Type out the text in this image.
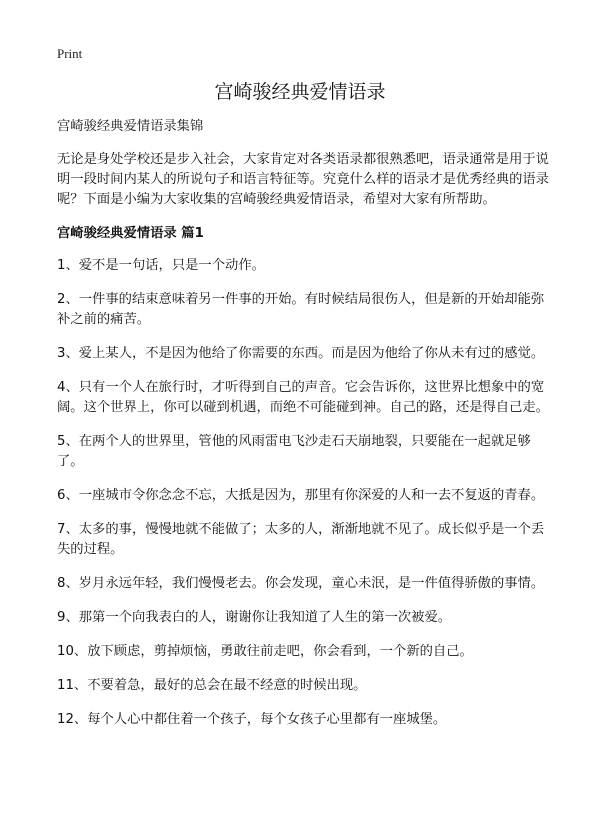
Print
宫崎骏经典爱情语录

宫崎骏经典爱情语录集锦

无论是身处学校还是步入社会，大家肯定对各类语录都很熟悉吧，语录通常是用于说明一段时间内某人的所说句子和语言特征等。究竟什么样的语录才是优秀经典的语录呢？下面是小编为大家收集的宫崎骏经典爱情语录，希望对大家有所帮助。

宫崎骏经典爱情语录 篇1

1、爱不是一句话，只是一个动作。

2、一件事的结束意味着另一件事的开始。有时候结局很伤人，但是新的开始却能弥补之前的痛苦。

3、爱上某人，不是因为他给了你需要的东西。而是因为他给了你从未有过的感觉。

4、只有一个人在旅行时，才听得到自己的声音。它会告诉你，这世界比想象中的宽阔。这个世界上，你可以碰到机遇，而绝不可能碰到神。自己的路，还是得自己走。

5、在两个人的世界里，管他的风雨雷电飞沙走石天崩地裂，只要能在一起就足够了。

6、一座城市令你念念不忘，大抵是因为，那里有你深爱的人和一去不复返的青春。

7、太多的事，慢慢地就不能做了；太多的人，渐渐地就不见了。成长似乎是一个丢失的过程。

8、岁月永远年轻，我们慢慢老去。你会发现，童心未泯，是一件值得骄傲的事情。

9、那第一个向我表白的人，谢谢你让我知道了人生的第一次被爱。

10、放下顾虑，剪掉烦恼，勇敢往前走吧，你会看到，一个新的自己。

11、不要着急，最好的总会在最不经意的时候出现。

12、每个人心中都住着一个孩子，每个女孩子心里都有一座城堡。
